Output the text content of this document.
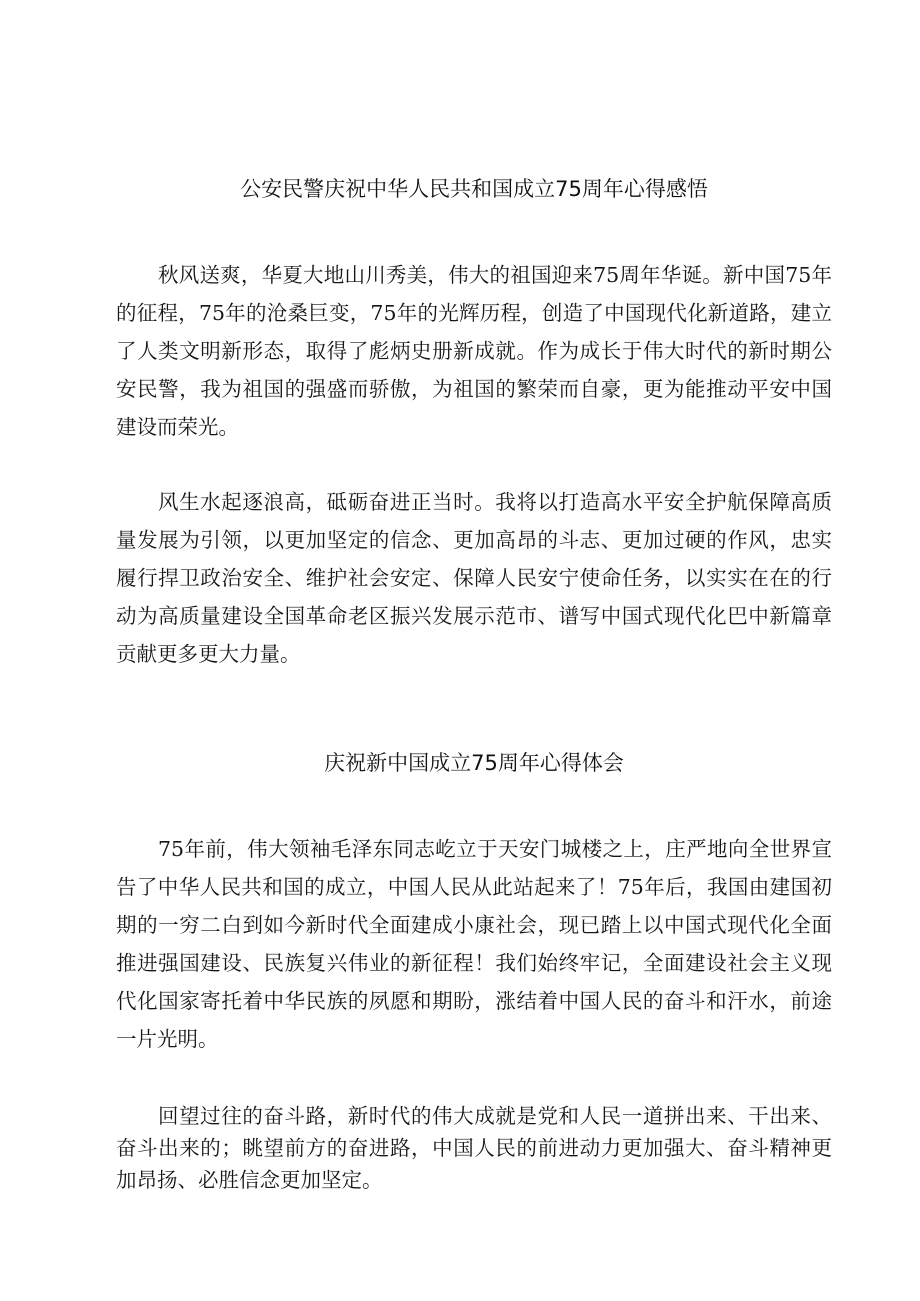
公安民警庆祝中华人民共和国成立75周年心得感悟

秋风送爽，华夏大地山川秀美，伟大的祖国迎来75周年华诞。新中国75年的征程，75年的沧桑巨变，75年的光辉历程，创造了中国现代化新道路，建立了人类文明新形态，取得了彪炳史册新成就。作为成长于伟大时代的新时期公安民警，我为祖国的强盛而骄傲，为祖国的繁荣而自豪，更为能推动平安中国建设而荣光。

风生水起逐浪高，砥砺奋进正当时。我将以打造高水平安全护航保障高质量发展为引领，以更加坚定的信念、更加高昂的斗志、更加过硬的作风，忠实履行捍卫政治安全、维护社会安定、保障人民安宁使命任务，以实实在在的行动为高质量建设全国革命老区振兴发展示范市、谱写中国式现代化巴中新篇章贡献更多更大力量。

庆祝新中国成立75周年心得体会

75年前，伟大领袖毛泽东同志屹立于天安门城楼之上，庄严地向全世界宣告了中华人民共和国的成立，中国人民从此站起来了！75年后，我国由建国初期的一穷二白到如今新时代全面建成小康社会，现已踏上以中国式现代化全面推进强国建设、民族复兴伟业的新征程！我们始终牢记，全面建设社会主义现代化国家寄托着中华民族的夙愿和期盼，涨结着中国人民的奋斗和汗水，前途一片光明。

回望过往的奋斗路，新时代的伟大成就是党和人民一道拼出来、干出来、奋斗出来的；眺望前方的奋进路，中国人民的前进动力更加强大、奋斗精神更加昂扬、必胜信念更加坚定。
